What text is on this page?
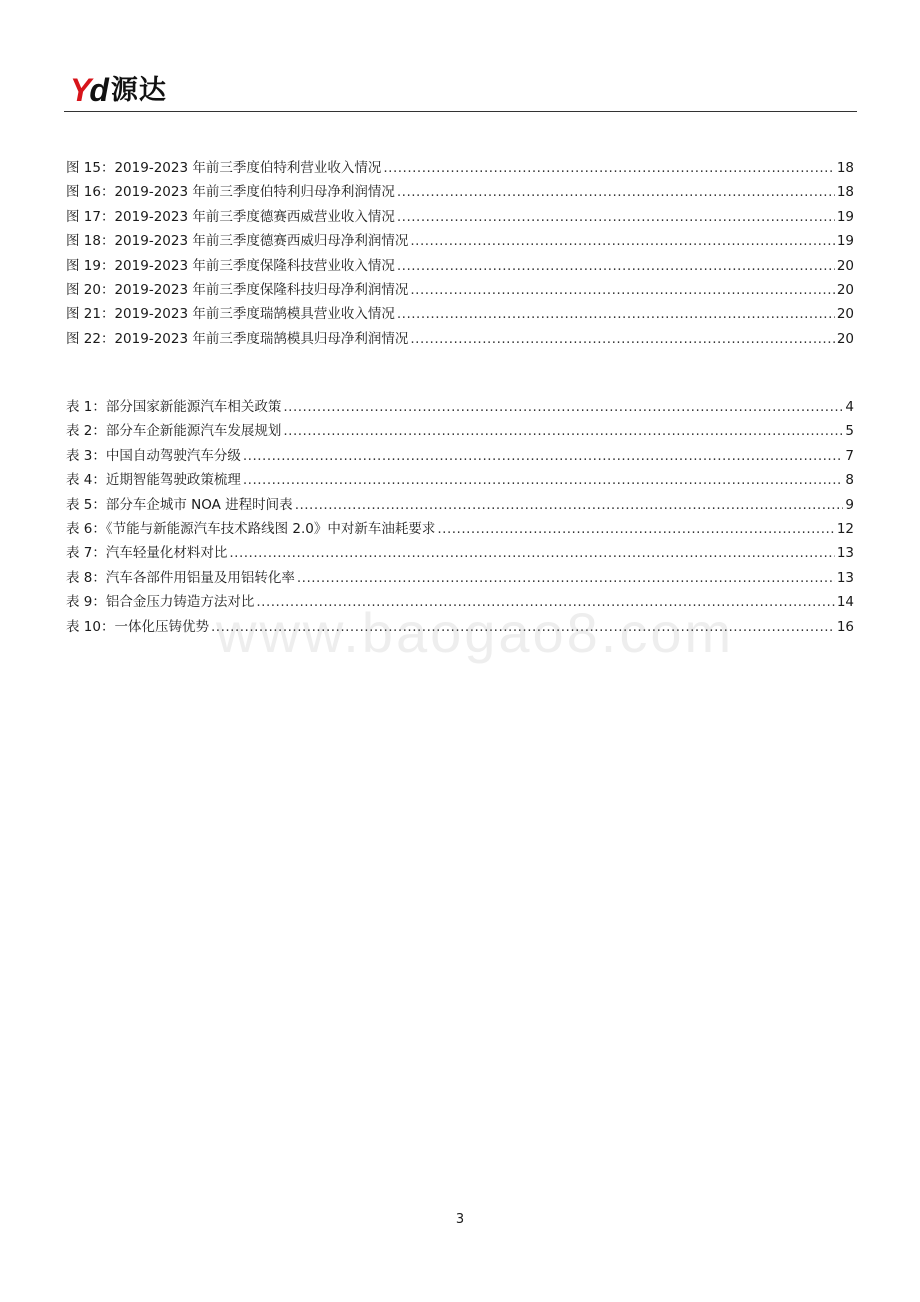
Yd 源达
图 15：2019-2023 年前三季度伯特利营业收入情况 .....	18
图 16：2019-2023 年前三季度伯特利归母净利润情况 .....	18
图 17：2019-2023 年前三季度德赛西威营业收入情况 .....	19
图 18：2019-2023 年前三季度德赛西威归母净利润情况 .....	19
图 19：2019-2023 年前三季度保隆科技营业收入情况 .....	20
图 20：2019-2023 年前三季度保隆科技归母净利润情况 .....	20
图 21：2019-2023 年前三季度瑞鹄模具营业收入情况 .....	20
图 22：2019-2023 年前三季度瑞鹄模具归母净利润情况 .....	20
表 1：部分国家新能源汽车相关政策 .....	4
表 2：部分车企新能源汽车发展规划 .....	5
表 3：中国自动驾驶汽车分级 .....	7
表 4：近期智能驾驶政策梳理 .....	8
表 5：部分车企城市 NOA 进程时间表 .....	9
表 6：《节能与新能源汽车技术路线图 2.0》中对新车油耗要求 .....	12
表 7：汽车轻量化材料对比 .....	13
表 8：汽车各部件用铝量及用铝转化率 .....	13
表 9：铝合金压力铸造方法对比 .....	14
表 10：一体化压铸优势 .....	16
www.baogao8.com
3
